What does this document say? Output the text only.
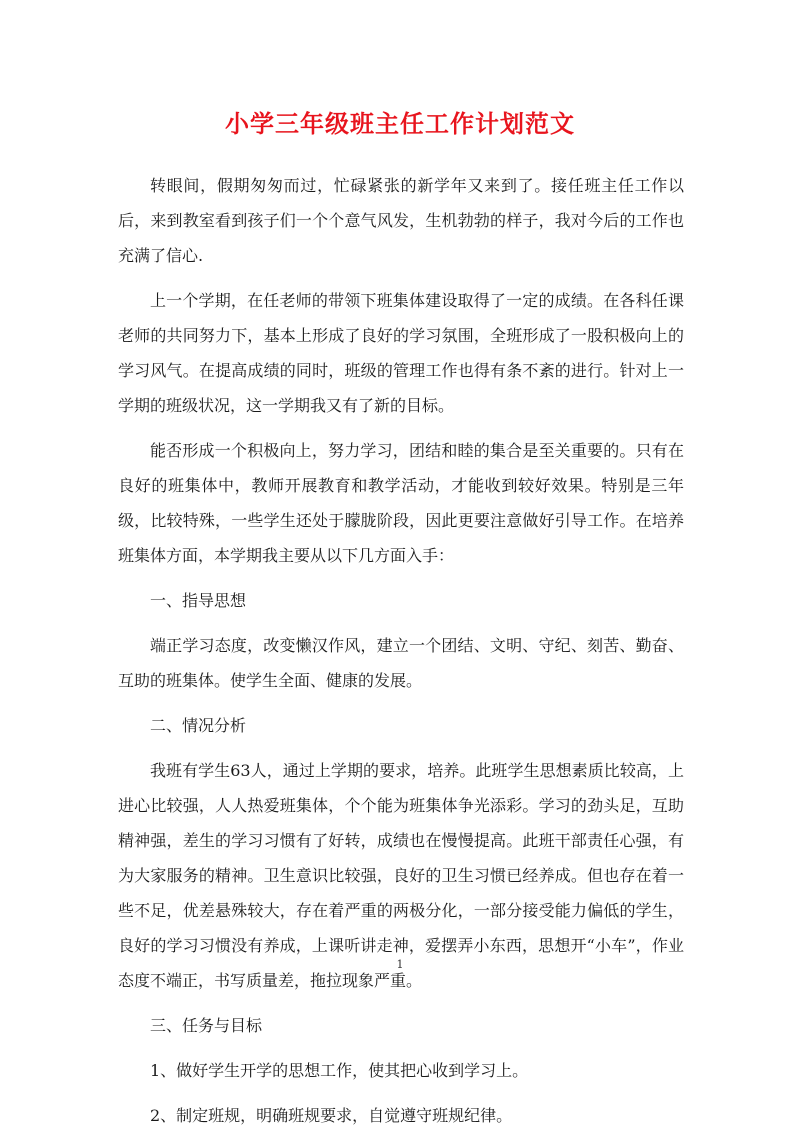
小学三年级班主任工作计划范文

转眼间，假期匆匆而过，忙碌紧张的新学年又来到了。接任班主任工作以后，来到教室看到孩子们一个个意气风发，生机勃勃的样子，我对今后的工作也充满了信心.

上一个学期，在任老师的带领下班集体建设取得了一定的成绩。在各科任课老师的共同努力下，基本上形成了良好的学习氛围，全班形成了一股积极向上的学习风气。在提高成绩的同时，班级的管理工作也得有条不紊的进行。针对上一学期的班级状况，这一学期我又有了新的目标。

能否形成一个积极向上，努力学习，团结和睦的集合是至关重要的。只有在良好的班集体中，教师开展教育和教学活动，才能收到较好效果。特别是三年级，比较特殊，一些学生还处于朦胧阶段，因此更要注意做好引导工作。在培养班集体方面，本学期我主要从以下几方面入手：

一、指导思想

端正学习态度，改变懒汉作风，建立一个团结、文明、守纪、刻苦、勤奋、互助的班集体。使学生全面、健康的发展。

二、情况分析

我班有学生63人，通过上学期的要求，培养。此班学生思想素质比较高，上进心比较强，人人热爱班集体，个个能为班集体争光添彩。学习的劲头足，互助精神强，差生的学习习惯有了好转，成绩也在慢慢提高。此班干部责任心强，有为大家服务的精神。卫生意识比较强，良好的卫生习惯已经养成。但也存在着一些不足，优差悬殊较大，存在着严重的两极分化，一部分接受能力偏低的学生，良好的学习习惯没有养成，上课听讲走神，爱摆弄小东西，思想开“小车”，作业态度不端正，书写质量差，拖拉现象严重。

三、任务与目标

1、做好学生开学的思想工作，使其把心收到学习上。

2、制定班规，明确班规要求，自觉遵守班规纪律。

1
